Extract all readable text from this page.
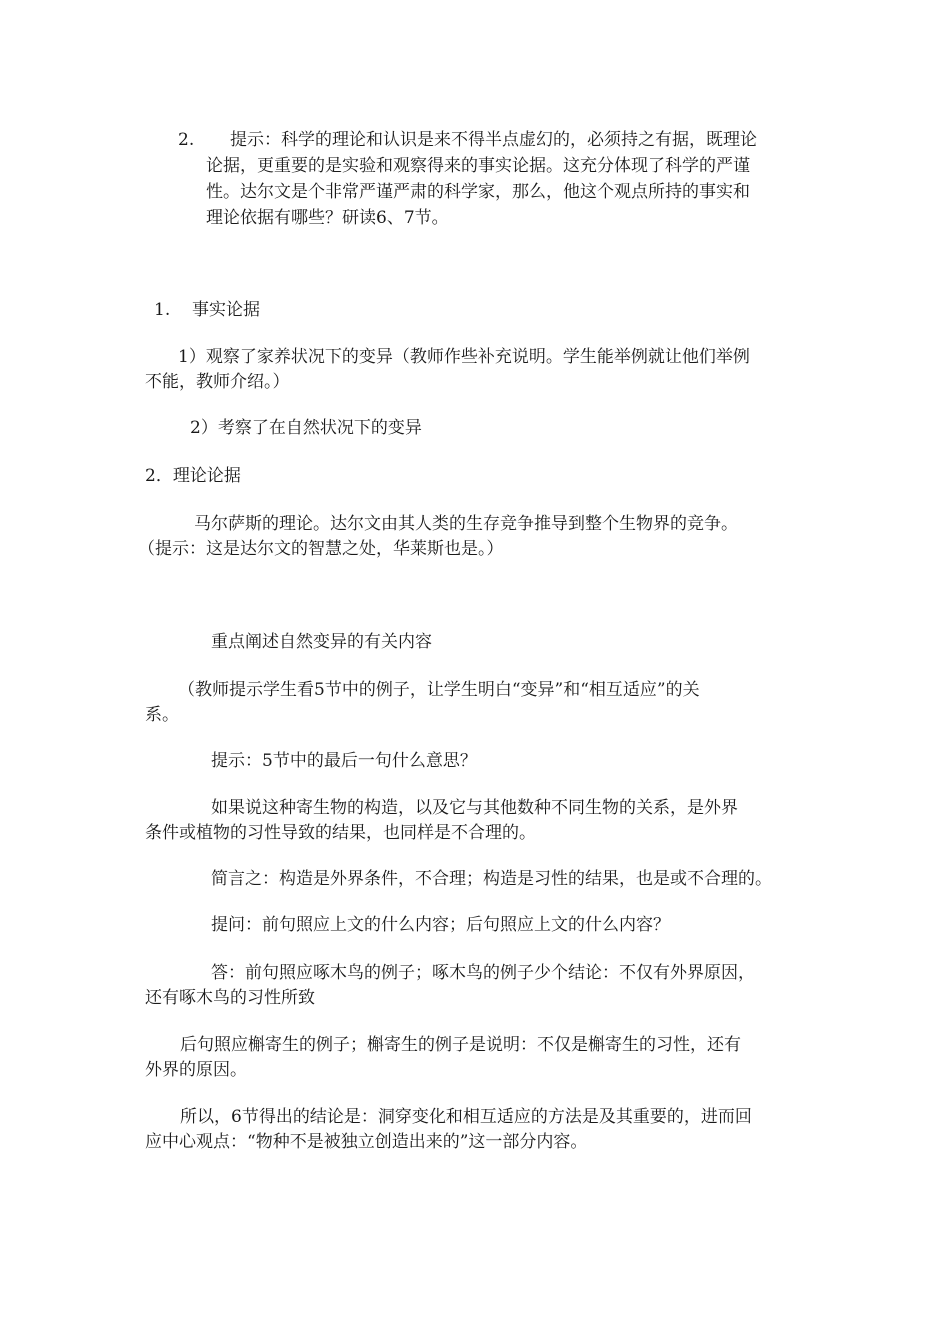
2. 提示：科学的理论和认识是来不得半点虚幻的，必须持之有据，既理论
论据，更重要的是实验和观察得来的事实论据。这充分体现了科学的严谨
性。达尔文是个非常严谨严肃的科学家，那么，他这个观点所持的事实和
理论依据有哪些？研读6、7节。
1. 事实论据
1）观察了家养状况下的变异（教师作些补充说明。学生能举例就让他们举例
不能，教师介绍。）
2）考察了在自然状况下的变异
2．理论论据
马尔萨斯的理论。达尔文由其人类的生存竞争推导到整个生物界的竞争。
（提示：这是达尔文的智慧之处，华莱斯也是。）
重点阐述自然变异的有关内容
（教师提示学生看5节中的例子，让学生明白“变异”和“相互适应”的关
系。
提示：5节中的最后一句什么意思？
如果说这种寄生物的构造，以及它与其他数种不同生物的关系，是外界
条件或植物的习性导致的结果，也同样是不合理的。
简言之：构造是外界条件，不合理；构造是习性的结果，也是或不合理的。
提问：前句照应上文的什么内容；后句照应上文的什么内容？
答：前句照应啄木鸟的例子；啄木鸟的例子少个结论：不仅有外界原因，
还有啄木鸟的习性所致
后句照应槲寄生的例子；槲寄生的例子是说明：不仅是槲寄生的习性，还有
外界的原因。
所以，6节得出的结论是：洞穿变化和相互适应的方法是及其重要的，进而回
应中心观点：“物种不是被独立创造出来的”这一部分内容。
